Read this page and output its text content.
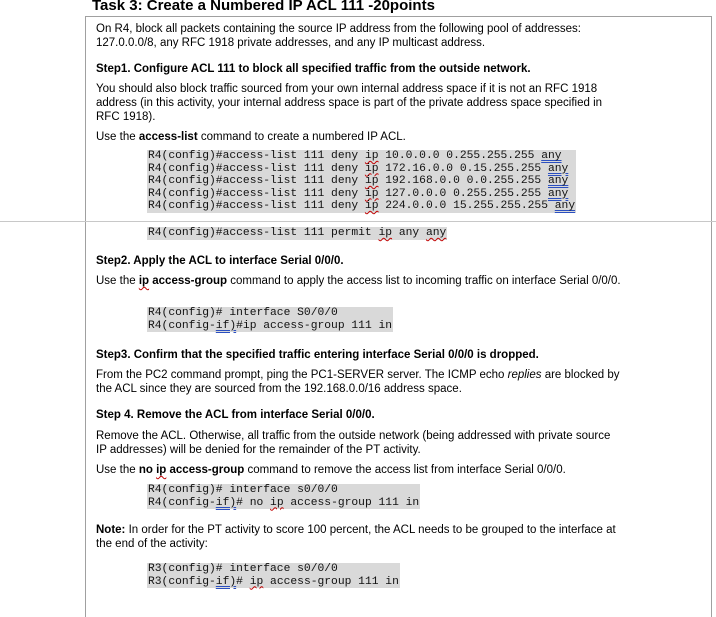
Task 3: Create a Numbered IP ACL 111 -20points
On R4, block all packets containing the source IP address from the following pool of addresses:
127.0.0.0/8, any RFC 1918 private addresses, and any IP multicast address.
Step1. Configure ACL 111 to block all specified traffic from the outside network.
You should also block traffic sourced from your own internal address space if it is not an RFC 1918
address (in this activity, your internal address space is part of the private address space specified in
RFC 1918).
Use the access-list command to create a numbered IP ACL.
R4(config)#access-list 111 deny ip 10.0.0.0 0.255.255.255 any
R4(config)#access-list 111 deny ip 172.16.0.0 0.15.255.255 any
R4(config)#access-list 111 deny ip 192.168.0.0 0.0.255.255 any
R4(config)#access-list 111 deny ip 127.0.0.0 0.255.255.255 any
R4(config)#access-list 111 deny ip 224.0.0.0 15.255.255.255 any
R4(config)#access-list 111 permit ip any any
Step2. Apply the ACL to interface Serial 0/0/0.
Use the ip access-group command to apply the access list to incoming traffic on interface Serial 0/0/0.
R4(config)# interface S0/0/0
R4(config-if)#ip access-group 111 in
Step3. Confirm that the specified traffic entering interface Serial 0/0/0 is dropped.
From the PC2 command prompt, ping the PC1-SERVER server. The ICMP echo replies are blocked by
the ACL since they are sourced from the 192.168.0.0/16 address space.
Step 4. Remove the ACL from interface Serial 0/0/0.
Remove the ACL. Otherwise, all traffic from the outside network (being addressed with private source
IP addresses) will be denied for the remainder of the PT activity.
Use the no ip access-group command to remove the access list from interface Serial 0/0/0.
R4(config)# interface s0/0/0
R4(config-if)# no ip access-group 111 in
Note: In order for the PT activity to score 100 percent, the ACL needs to be grouped to the interface at
the end of the activity:
R3(config)# interface s0/0/0
R3(config-if)# ip access-group 111 in
